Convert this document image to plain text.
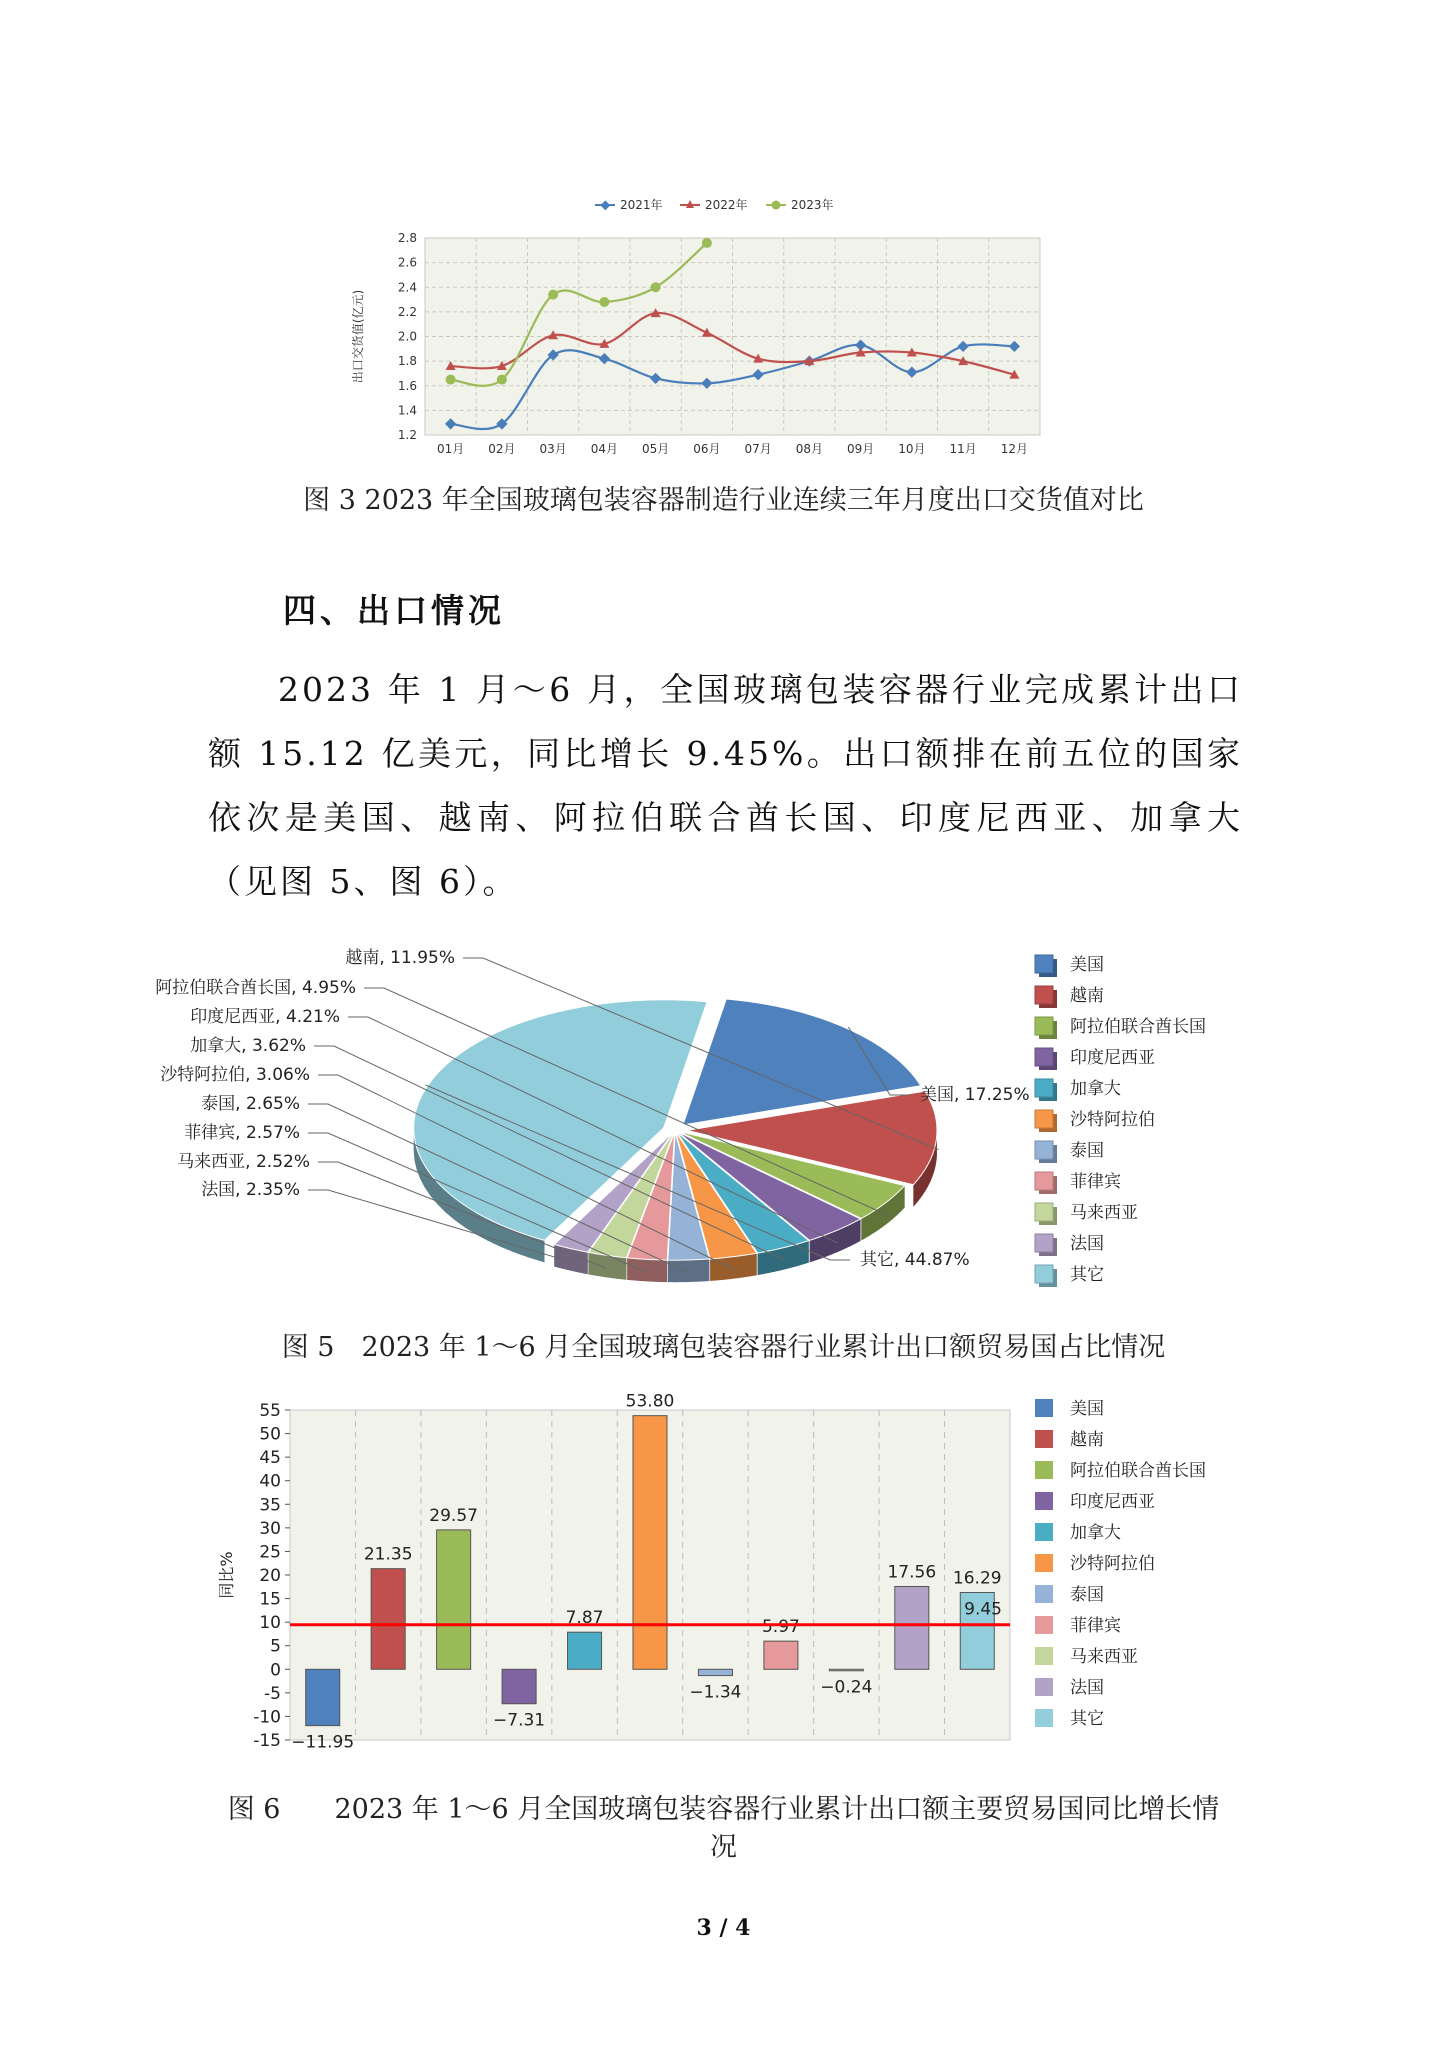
1.2
1.4
1.6
1.8
2.0
2.2
2.4
2.6
2.8
01月 02月 03月 04月 05月 06月 07月 08月 09月 10月 11月 12月
出口交货值(亿元)
2021年	2022年	2023年
图 3 2023 年全国玻璃包装容器制造行业连续三年月度出口交货值对比
四、出口情况
2023 年 1 月～6 月，全国玻璃包装容器行业完成累计出口额 15.12 亿美元，同比增长 9.45%。出口额排在前五位的国家依次是美国、越南、阿拉伯联合酋长国、印度尼西亚、加拿大（见图 5、图 6）。
美国, 17.25%
越南, 11.95%
阿拉伯联合酋长国, 4.95%
印度尼西亚, 4.21%
加拿大, 3.62%
沙特阿拉伯, 3.06%
泰国, 2.65%
菲律宾, 2.57%
马来西亚, 2.52%
法国, 2.35%
其它, 44.87%
美国
越南
阿拉伯联合酋长国
印度尼西亚
加拿大
沙特阿拉伯
泰国
菲律宾
马来西亚
法国
其它
图 5　2023 年 1～6 月全国玻璃包装容器行业累计出口额贸易国占比情况
-15
-10
-5
0
5
10
15
20
25
30
35
40
45
50
55
同比%
−11.95
21.35
29.57
−7.31
7.87
53.80
−1.34
5.97
−0.24
17.56 16.29
9.45
美国
越南
阿拉伯联合酋长国
印度尼西亚
加拿大
沙特阿拉伯
泰国
菲律宾
马来西亚
法国
其它
图 6　　2023 年 1～6 月全国玻璃包装容器行业累计出口额主要贸易国同比增长情
况
3 / 4
